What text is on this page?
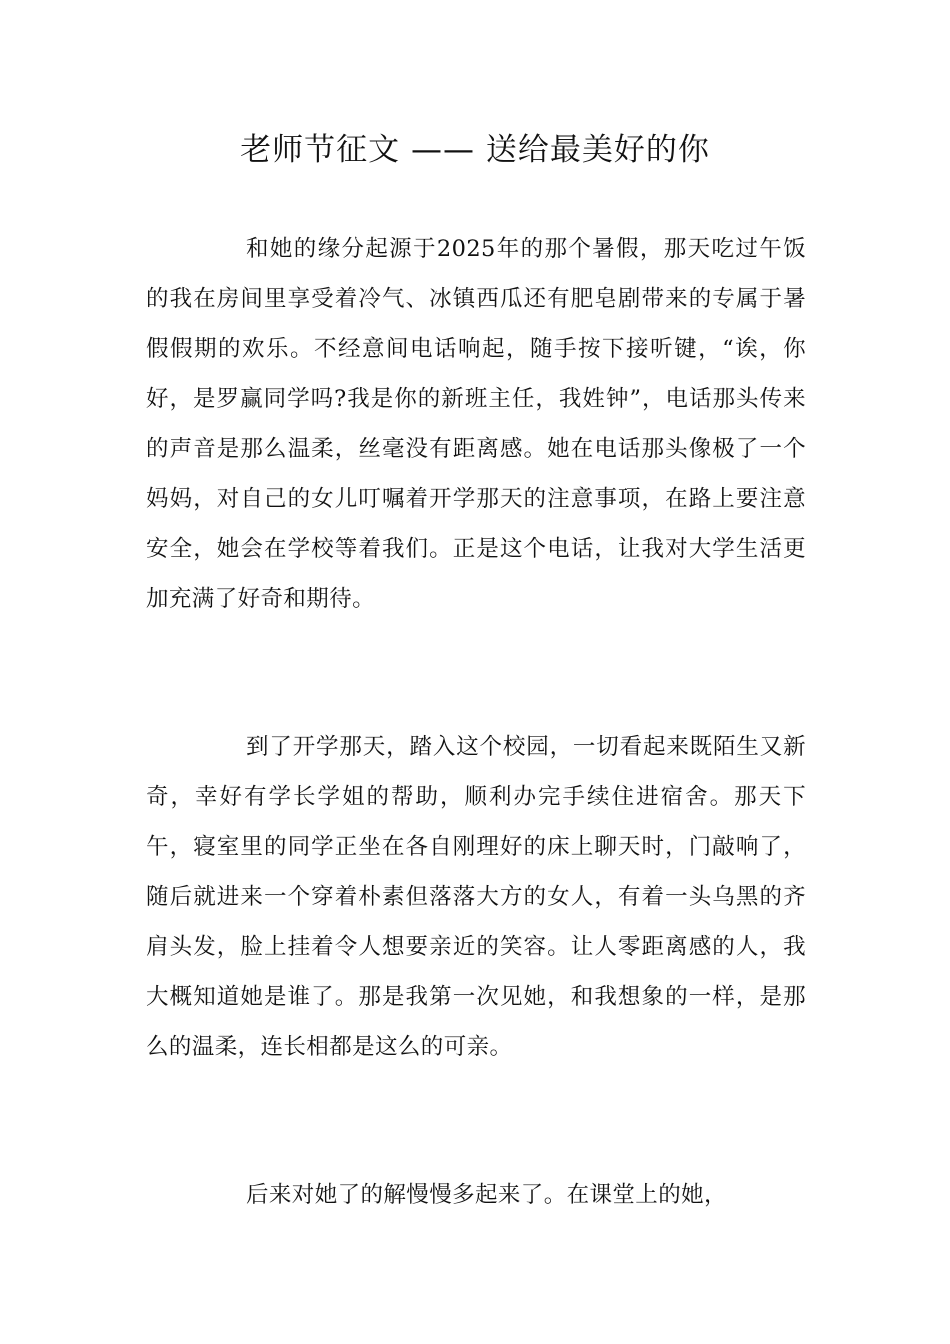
老师节征文 —— 送给最美好的你

和她的缘分起源于2025年的那个暑假，那天吃过午饭的我在房间里享受着冷气、冰镇西瓜还有肥皂剧带来的专属于暑假假期的欢乐。不经意间电话响起，随手按下接听键，“诶，你好，是罗赢同学吗?我是你的新班主任，我姓钟”，电话那头传来的声音是那么温柔，丝毫没有距离感。她在电话那头像极了一个妈妈，对自己的女儿叮嘱着开学那天的注意事项，在路上要注意安全，她会在学校等着我们。正是这个电话，让我对大学生活更加充满了好奇和期待。

到了开学那天，踏入这个校园，一切看起来既陌生又新奇，幸好有学长学姐的帮助，顺利办完手续住进宿舍。那天下午，寝室里的同学正坐在各自刚理好的床上聊天时，门敲响了，随后就进来一个穿着朴素但落落大方的女人，有着一头乌黑的齐肩头发，脸上挂着令人想要亲近的笑容。让人零距离感的人，我大概知道她是谁了。那是我第一次见她，和我想象的一样，是那么的温柔，连长相都是这么的可亲。

后来对她了的解慢慢多起来了。在课堂上的她，
